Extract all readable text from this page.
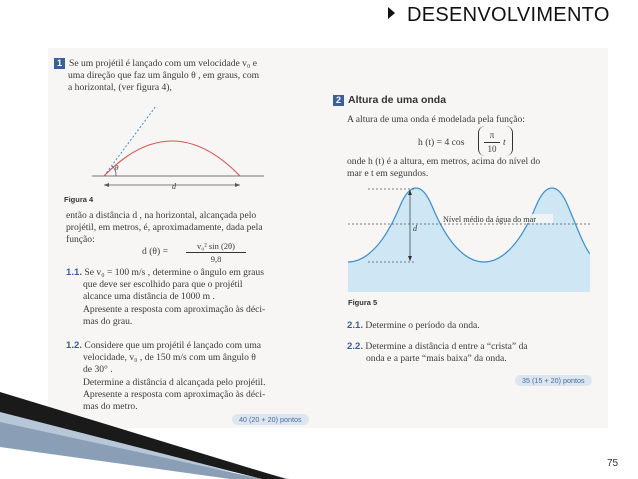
DESENVOLVIMENTO
1 Se um projétil é lançado com um velocidade v₀ e
uma direção que faz um ângulo θ , em graus, com
a horizontal, (ver figura 4),
θ
d
Figura 4
então a distância d , na horizontal, alcançada pelo
projétil, em metros, é, aproximadamente, dada pela
função:
d (θ) =	v₀² sin (2θ)
9,8
1.1. Se v₀ = 100 m/s , determine o ângulo em graus
que deve ser escolhido para que o projétil
alcance uma distância de 1000 m .
Apresente a resposta com aproximação às déci-
mas do grau.
1.2. Considere que um projétil é lançado com uma
velocidade, v₀ , de 150 m/s com um ângulo θ
de 30° .
Determine a distância d alcançada pelo projétil.
Apresente a resposta com aproximação às déci-
mas do metro.
40 (20 + 20) pontos
2 Altura de uma onda
A altura de uma onda é modelada pela função:
h (t) = 4 cos
π
10
t
onde h (t) é a altura, em metros, acima do nível do
mar e t em segundos.
d
Nível médio da água do mar
Figura 5
2.1. Determine o período da onda.
2.2. Determine a distância d entre a “crista” da
onda e a parte “mais baixa” da onda.
35 (15 + 20) pontos
75
